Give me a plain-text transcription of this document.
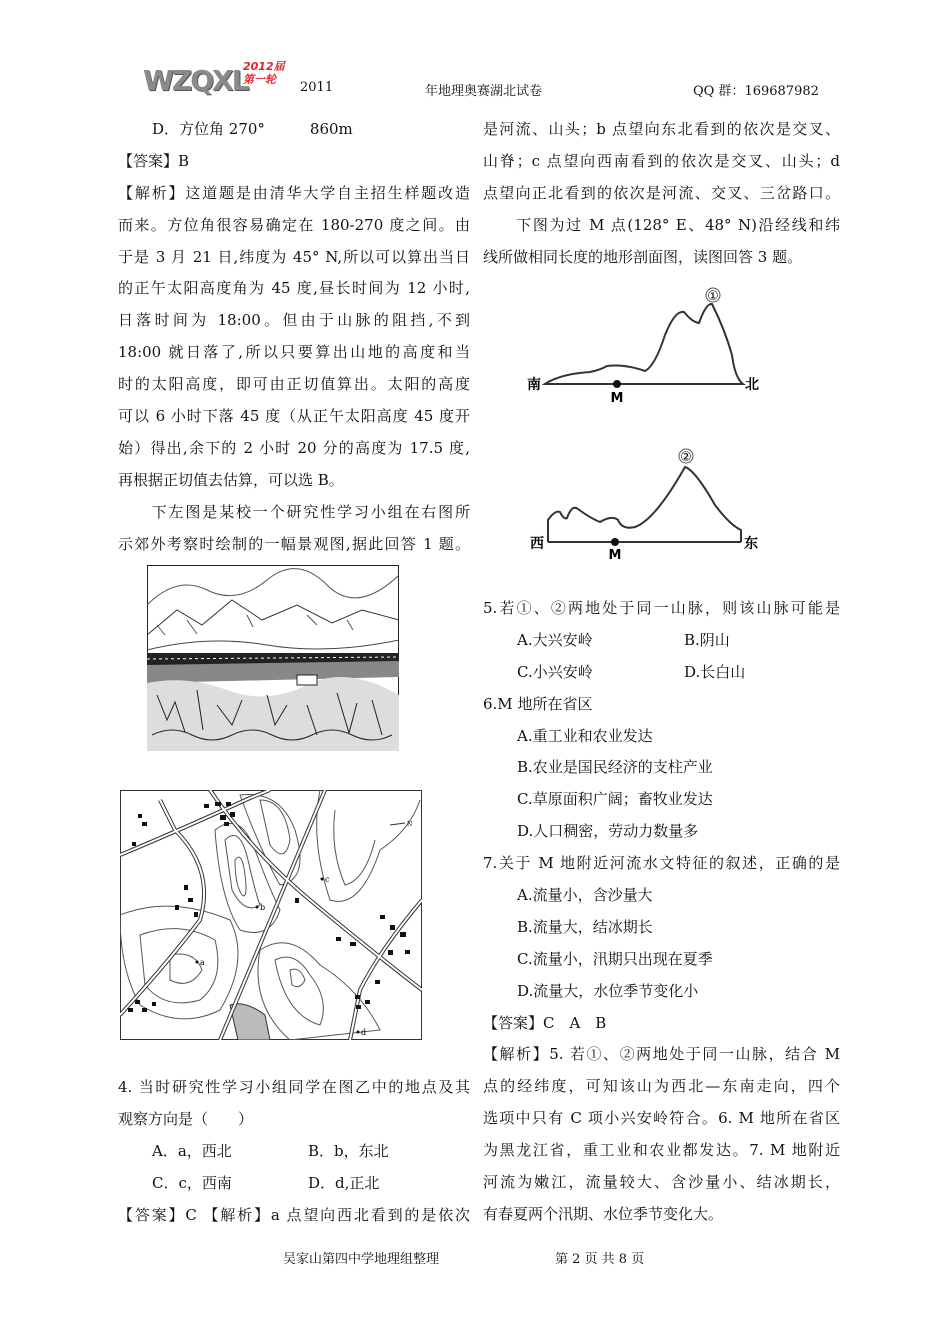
WZQXL
2012届
第一轮
2011	年地理奥赛湖北试卷	QQ 群：169687982
D．方位角 270°　　　860m
【答案】B
【解析】这道题是由清华大学自主招生样题改造
而来。方位角很容易确定在 180-270 度之间。由
于是 3 月 21 日,纬度为 45° N,所以可以算出当日
的正午太阳高度角为 45 度,昼长时间为 12 小时,
日落时间为 18:00。但由于山脉的阻挡,不到
18:00 就日落了,所以只要算出山地的高度和当
时的太阳高度，即可由正切值算出。太阳的高度
可以 6 小时下落 45 度（从正午太阳高度 45 度开
始）得出,余下的 2 小时 20 分的高度为 17.5 度,
再根据正切值去估算，可以选 B。
　　下左图是某校一个研究性学习小组在右图所
示郊外考察时绘制的一幅景观图,据此回答 1 题。
4. 当时研究性学习小组同学在图乙中的地点及其
观察方向是（　　）
A．a，西北	B．b，东北
C．c，西南	D．d,正北
【答案】C 【解析】a 点望向西北看到的是依次
是河流、山头；b 点望向东北看到的依次是交叉、
山脊；c 点望向西南看到的依次是交叉、山头；d
点望向正北看到的依次是河流、交叉、三岔路口。
　　下图为过 M 点(128° E、48° N)沿经线和纬
线所做相同长度的地形剖面图，读图回答 3 题。
5.若①、②两地处于同一山脉，则该山脉可能是
A.大兴安岭	B.阴山
C.小兴安岭	D.长白山
6.M 地所在省区
A.重工业和农业发达
B.农业是国民经济的支柱产业
C.草原面积广阔；畜牧业发达
D.人口稠密，劳动力数量多
7.关于 M 地附近河流水文特征的叙述，正确的是
A.流量小，含沙量大
B.流量大，结冰期长
C.流量小，汛期只出现在夏季
D.流量大，水位季节变化小
【答案】C　A　B
【解析】5. 若①、②两地处于同一山脉，结合 M
点的经纬度，可知该山为西北—东南走向，四个
选项中只有 C 项小兴安岭符合。6. M 地所在省区
为黑龙江省，重工业和农业都发达。7. M 地附近
河流为嫩江，流量较大、含沙量小、结冰期长，
有春夏两个汛期、水位季节变化大。
c
b
a
d
N
①
南	北
M
②
西	东
M
吴家山第四中学地理组整理	第 2 页 共 8 页
